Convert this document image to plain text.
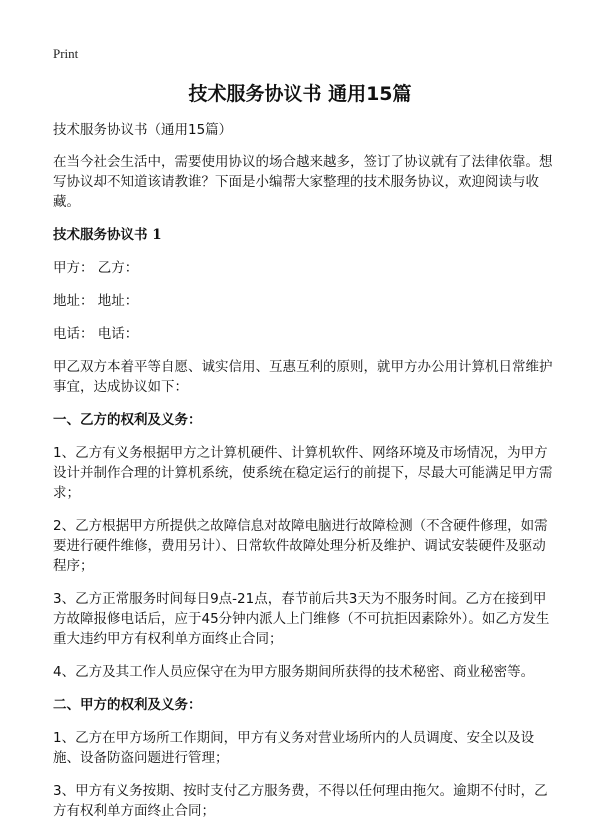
Print
技术服务协议书 通用15篇

技术服务协议书（通用15篇）

在当今社会生活中，需要使用协议的场合越来越多，签订了协议就有了法律依靠。想写协议却不知道该请教谁？下面是小编帮大家整理的技术服务协议，欢迎阅读与收藏。

技术服务协议书 1

甲方： 乙方：

地址： 地址：

电话： 电话：

甲乙双方本着平等自愿、诚实信用、互惠互利的原则，就甲方办公用计算机日常维护事宜，达成协议如下：

一、乙方的权利及义务：

1、乙方有义务根据甲方之计算机硬件、计算机软件、网络环境及市场情况，为甲方设计并制作合理的计算机系统，使系统在稳定运行的前提下，尽最大可能满足甲方需求；

2、乙方根据甲方所提供之故障信息对故障电脑进行故障检测（不含硬件修理，如需要进行硬件维修，费用另计）、日常软件故障处理分析及维护、调试安装硬件及驱动程序；

3、乙方正常服务时间每日9点-21点，春节前后共3天为不服务时间。乙方在接到甲方故障报修电话后，应于45分钟内派人上门维修（不可抗拒因素除外）。如乙方发生重大违约甲方有权利单方面终止合同；

4、乙方及其工作人员应保守在为甲方服务期间所获得的技术秘密、商业秘密等。

二、甲方的权利及义务：

1、乙方在甲方场所工作期间，甲方有义务对营业场所内的人员调度、安全以及设施、设备防盗问题进行管理；

3、甲方有义务按期、按时支付乙方服务费，不得以任何理由拖欠。逾期不付时，乙方有权利单方面终止合同；
